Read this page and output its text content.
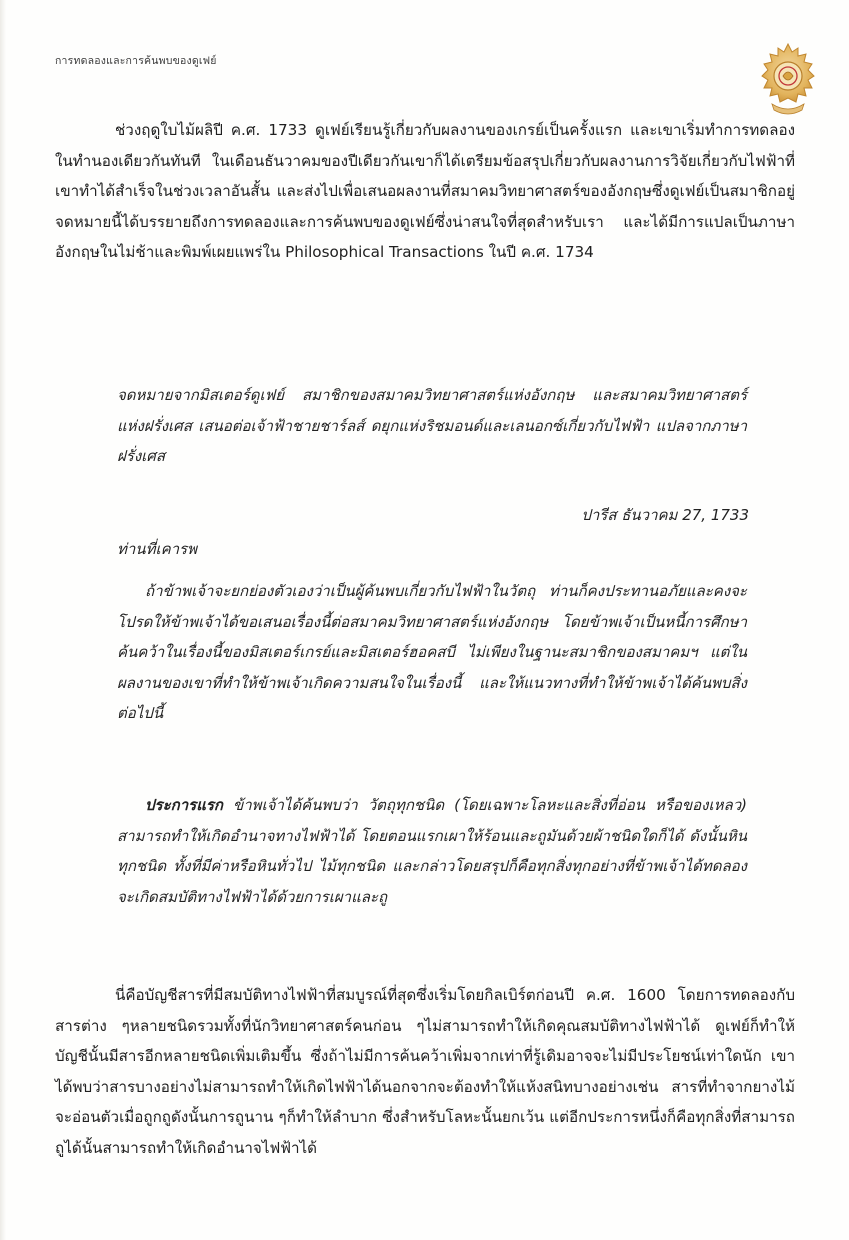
การทดลองและการค้นพบของดูเฟย์

ช่วงฤดูใบไม้ผลิปี ค.ศ. 1733 ดูเฟย์เรียนรู้เกี่ยวกับผลงานของเกรย์เป็นครั้งแรก และเขาเริ่มทำการทดลองในทำนองเดียวกันทันที ในเดือนธันวาคมของปีเดียวกันเขาก็ได้เตรียมข้อสรุปเกี่ยวกับผลงานการวิจัยเกี่ยวกับไฟฟ้าที่เขาทำได้สำเร็จในช่วงเวลาอันสั้น และส่งไปเพื่อเสนอผลงานที่สมาคมวิทยาศาสตร์ของอังกฤษซึ่งดูเฟย์เป็นสมาชิกอยู่ จดหมายนี้ได้บรรยายถึงการทดลองและการค้นพบของดูเฟย์ซึ่งน่าสนใจที่สุดสำหรับเรา และได้มีการแปลเป็นภาษาอังกฤษในไม่ช้าและพิมพ์เผยแพร่ใน Philosophical Transactions ในปี ค.ศ. 1734

จดหมายจากมิสเตอร์ดูเฟย์ สมาชิกของสมาคมวิทยาศาสตร์แห่งอังกฤษ และสมาคมวิทยาศาสตร์แห่งฝรั่งเศส เสนอต่อเจ้าฟ้าชายชาร์ลส์ ดยุกแห่งริชมอนด์และเลนอกซ์เกี่ยวกับไฟฟ้า แปลจากภาษาฝรั่งเศส

ปารีส ธันวาคม 27, 1733

ท่านที่เคารพ

ถ้าข้าพเจ้าจะยกย่องตัวเองว่าเป็นผู้ค้นพบเกี่ยวกับไฟฟ้าในวัตถุ ท่านก็คงประทานอภัยและคงจะโปรดให้ข้าพเจ้าได้ขอเสนอเรื่องนี้ต่อสมาคมวิทยาศาสตร์แห่งอังกฤษ โดยข้าพเจ้าเป็นหนี้การศึกษาค้นคว้าในเรื่องนี้ของมิสเตอร์เกรย์และมิสเตอร์ฮอคสบี ไม่เพียงในฐานะสมาชิกของสมาคมฯ แต่ในผลงานของเขาที่ทำให้ข้าพเจ้าเกิดความสนใจในเรื่องนี้ และให้แนวทางที่ทำให้ข้าพเจ้าได้ค้นพบสิ่งต่อไปนี้

ประการแรก ข้าพเจ้าได้ค้นพบว่า วัตถุทุกชนิด (โดยเฉพาะโลหะและสิ่งที่อ่อน หรือของเหลว) สามารถทำให้เกิดอำนาจทางไฟฟ้าได้ โดยตอนแรกเผาให้ร้อนและถูมันด้วยผ้าชนิดใดก็ได้ ดังนั้นหินทุกชนิด ทั้งที่มีค่าหรือหินทั่วไป ไม้ทุกชนิด และกล่าวโดยสรุปก็คือทุกสิ่งทุกอย่างที่ข้าพเจ้าได้ทดลองจะเกิดสมบัติทางไฟฟ้าได้ด้วยการเผาและถู

นี่คือบัญชีสารที่มีสมบัติทางไฟฟ้าที่สมบูรณ์ที่สุดซึ่งเริ่มโดยกิลเบิร์ตก่อนปี ค.ศ. 1600 โดยการทดลองกับสารต่าง ๆหลายชนิดรวมทั้งที่นักวิทยาศาสตร์คนก่อน ๆไม่สามารถทำให้เกิดคุณสมบัติทางไฟฟ้าได้ ดูเฟย์ก็ทำให้บัญชีนั้นมีสารอีกหลายชนิดเพิ่มเติมขึ้น ซึ่งถ้าไม่มีการค้นคว้าเพิ่มจากเท่าที่รู้เดิมอาจจะไม่มีประโยชน์เท่าใดนัก เขาได้พบว่าสารบางอย่างไม่สามารถทำให้เกิดไฟฟ้าได้นอกจากจะต้องทำให้แห้งสนิทบางอย่างเช่น สารที่ทำจากยางไม้จะอ่อนตัวเมื่อถูกถูดังนั้นการถูนาน ๆก็ทำให้ลำบาก ซึ่งสำหรับโลหะนั้นยกเว้น แต่อีกประการหนึ่งก็คือทุกสิ่งที่สามารถถูได้นั้นสามารถทำให้เกิดอำนาจไฟฟ้าได้
